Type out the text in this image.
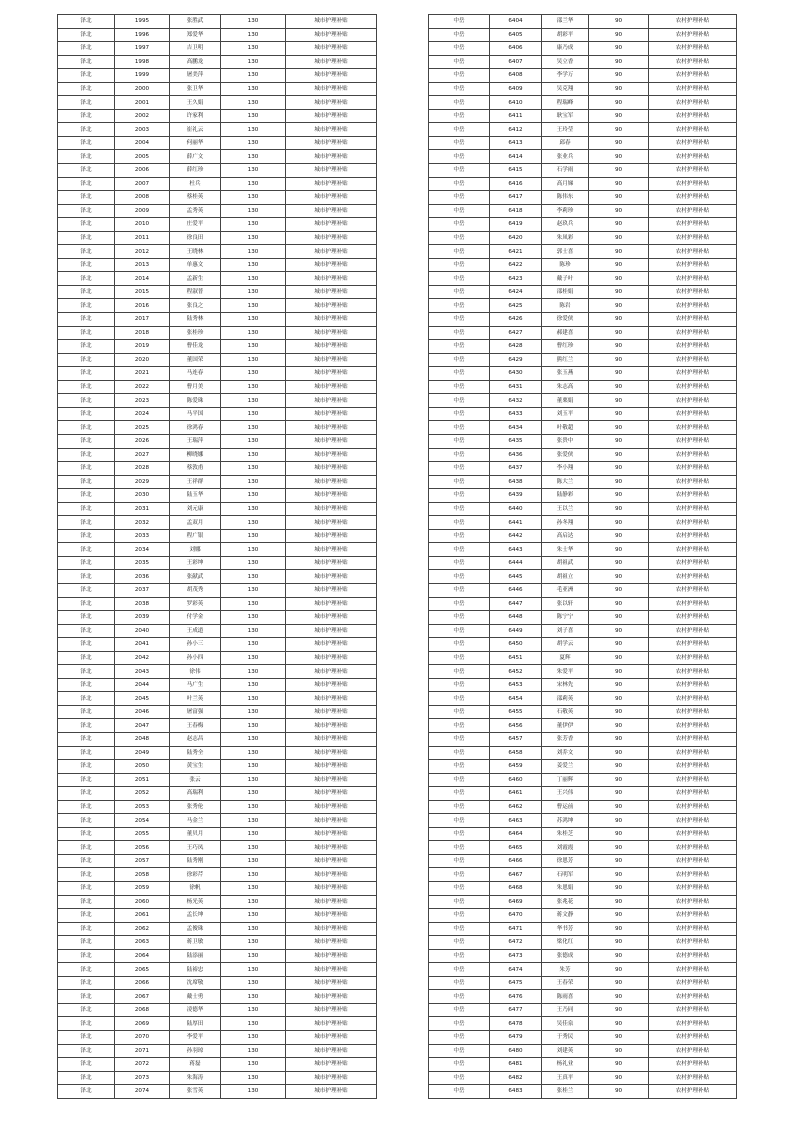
泽北	1995	张胜武	130	城市护理补贴
泽北	1996	郑爱华	130	城市护理补贴
泽北	1997	吉卫明	130	城市护理补贴
泽北	1998	高鹏龙	130	城市护理补贴
泽北	1999	屠美萍	130	城市护理补贴
泽北	2000	张卫华	130	城市护理补贴
泽北	2001	王久娟	130	城市护理补贴
泽北	2002	许家利	130	城市护理补贴
泽北	2003	崔礼云	130	城市护理补贴
泽北	2004	何丽华	130	城市护理补贴
泽北	2005	薛广文	130	城市护理补贴
泽北	2006	薛红珍	130	城市护理补贴
泽北	2007	杜兵	130	城市护理补贴
泽北	2008	蔡桂英	130	城市护理补贴
泽北	2009	孟秀英	130	城市护理补贴
泽北	2010	庄爱平	130	城市护理补贴
泽北	2011	徐良田	130	城市护理补贴
泽北	2012	王晓林	130	城市护理补贴
泽北	2013	单惠文	130	城市护理补贴
泽北	2014	孟新生	130	城市护理补贴
泽北	2015	程淑普	130	城市护理补贴
泽北	2016	张良之	130	城市护理补贴
泽北	2017	陆秀林	130	城市护理补贴
泽北	2018	张桂珍	130	城市护理补贴
泽北	2019	曹佳龙	130	城市护理补贴
泽北	2020	董国荣	130	城市护理补贴
泽北	2021	马连春	130	城市护理补贴
泽北	2022	曹月美	130	城市护理补贴
泽北	2023	陈爱珠	130	城市护理补贴
泽北	2024	马平国	130	城市护理补贴
泽北	2025	徐鸿春	130	城市护理补贴
泽北	2026	王瑞萍	130	城市护理补贴
泽北	2027	柳晓娜	130	城市护理补贴
泽北	2028	蔡敦甫	130	城市护理补贴
泽北	2029	王祥群	130	城市护理补贴
泽北	2030	陆玉华	130	城市护理补贴
泽北	2031	刘元康	130	城市护理补贴
泽北	2032	孟双月	130	城市护理补贴
泽北	2033	程广银	130	城市护理补贴
泽北	2034	刘娜	130	城市护理补贴
泽北	2035	王彩坤	130	城市护理补贴
泽北	2036	张献武	130	城市护理补贴
泽北	2037	胡茂秀	130	城市护理补贴
泽北	2038	罗彩英	130	城市护理补贴
泽北	2039	付学金	130	城市护理补贴
泽北	2040	王成道	130	城市护理补贴
泽北	2041	孙小三	130	城市护理补贴
泽北	2042	孙小四	130	城市护理补贴
泽北	2043	徐伟	130	城市护理补贴
泽北	2044	马广生	130	城市护理补贴
泽北	2045	叶兰英	130	城市护理补贴
泽北	2046	屠富强	130	城市护理补贴
泽北	2047	王春梅	130	城市护理补贴
泽北	2048	赵志昌	130	城市护理补贴
泽北	2049	陆秀全	130	城市护理补贴
泽北	2050	黄宝生	130	城市护理补贴
泽北	2051	张云	130	城市护理补贴
泽北	2052	高瑞利	130	城市护理补贴
泽北	2053	张秀伦	130	城市护理补贴
泽北	2054	马金兰	130	城市护理补贴
泽北	2055	董贝月	130	城市护理补贴
泽北	2056	王巧凤	130	城市护理补贴
泽北	2057	陆秀刚	130	城市护理补贴
泽北	2058	徐彩芹	130	城市护理补贴
泽北	2059	徐帆	130	城市护理补贴
泽北	2060	杨光英	130	城市护理补贴
泽北	2061	孟长坤	130	城市护理补贴
泽北	2062	孟俊珠	130	城市护理补贴
泽北	2063	蒋卫敏	130	城市护理补贴
泽北	2064	陆添丽	130	城市护理补贴
泽北	2065	陆裕忠	130	城市护理补贴
泽北	2066	沈席敬	130	城市护理补贴
泽北	2067	戴士勇	130	城市护理补贴
泽北	2068	凌德华	130	城市护理补贴
泽北	2069	陆厚田	130	城市护理补贴
泽北	2070	李爱平	130	城市护理补贴
泽北	2071	孙羽琼	130	城市护理补贴
泽北	2072	蒋磊	130	城市护理补贴
泽北	2073	朱海涛	130	城市护理补贴
泽北	2074	张雪英	130	城市护理补贴
中岳	6404	邵兰华	90	农村护理补贴
中岳	6405	胡彩平	90	农村护理补贴
中岳	6406	康乃成	90	农村护理补贴
中岳	6407	吴立香	90	农村护理补贴
中岳	6408	李学万	90	农村护理补贴
中岳	6409	吴克翔	90	农村护理补贴
中岳	6410	程瑞峰	90	农村护理补贴
中岳	6411	耿宝军	90	农村护理补贴
中岳	6412	王玲莹	90	农村护理补贴
中岳	6413	邱春	90	农村护理补贴
中岳	6414	张业兵	90	农村护理补贴
中岳	6415	石学雨	90	农村护理补贴
中岳	6416	高月娣	90	农村护理补贴
中岳	6417	陈伟东	90	农村护理补贴
中岳	6418	李莉珍	90	农村护理补贴
中岳	6419	赵玖兵	90	农村护理补贴
中岳	6420	朱凤彩	90	农村护理补贴
中岳	6421	郭士喜	90	农村护理补贴
中岳	6422	陈珍	90	农村护理补贴
中岳	6423	戴子叶	90	农村护理补贴
中岳	6424	邵桂娟	90	农村护理补贴
中岳	6425	陈岩	90	农村护理补贴
中岳	6426	徐爱侠	90	农村护理补贴
中岳	6427	郝建喜	90	农村护理补贴
中岳	6428	曹红珍	90	农村护理补贴
中岳	6429	熊红兰	90	农村护理补贴
中岳	6430	张玉燕	90	农村护理补贴
中岳	6431	朱志高	90	农村护理补贴
中岳	6432	董栗娟	90	农村护理补贴
中岳	6433	刘玉平	90	农村护理补贴
中岳	6434	叶敬超	90	农村护理补贴
中岳	6435	张贵中	90	农村护理补贴
中岳	6436	张爱侠	90	农村护理补贴
中岳	6437	李小翔	90	农村护理补贴
中岳	6438	陈大兰	90	农村护理补贴
中岳	6439	陆静彩	90	农村护理补贴
中岳	6440	王以兰	90	农村护理补贴
中岳	6441	孙冬翔	90	农村护理补贴
中岳	6442	高启达	90	农村护理补贴
中岳	6443	朱士华	90	农村护理补贴
中岳	6444	胡祖武	90	农村护理补贴
中岳	6445	胡祖立	90	农村护理补贴
中岳	6446	毛亚洲	90	农村护理补贴
中岳	6447	张以轩	90	农村护理补贴
中岳	6448	陈宁宁	90	农村护理补贴
中岳	6449	刘子喜	90	农村护理补贴
中岳	6450	胡学云	90	农村护理补贴
中岳	6451	夏辉	90	农村护理补贴
中岳	6452	朱爱平	90	农村护理补贴
中岳	6453	宋林先	90	农村护理补贴
中岳	6454	邵莉英	90	农村护理补贴
中岳	6455	石敬英	90	农村护理补贴
中岳	6456	董伊伊	90	农村护理补贴
中岳	6457	张芳香	90	农村护理补贴
中岳	6458	刘乔文	90	农村护理补贴
中岳	6459	姜爱兰	90	农村护理补贴
中岳	6460	丁丽辉	90	农村护理补贴
中岳	6461	王兴伟	90	农村护理补贴
中岳	6462	曹运前	90	农村护理补贴
中岳	6463	苏鸿坤	90	农村护理补贴
中岳	6464	朱桂芝	90	农村护理补贴
中岳	6465	刘霞霞	90	农村护理补贴
中岳	6466	徐恩芳	90	农村护理补贴
中岳	6467	石明军	90	农村护理补贴
中岳	6468	朱恩娟	90	农村护理补贴
中岳	6469	张兆花	90	农村护理补贴
中岳	6470	蒋文静	90	农村护理补贴
中岳	6471	华书芳	90	农村护理补贴
中岳	6472	梁化红	90	农村护理补贴
中岳	6473	张德成	90	农村护理补贴
中岳	6474	朱芳	90	农村护理补贴
中岳	6475	王春荣	90	农村护理补贴
中岳	6476	陈雨喜	90	农村护理补贴
中岳	6477	王乃同	90	农村护理补贴
中岳	6478	吴佳泉	90	农村护理补贴
中岳	6479	于秀民	90	农村护理补贴
中岳	6480	刘建英	90	农村护理补贴
中岳	6481	杨礼业	90	农村护理补贴
中岳	6482	王真平	90	农村护理补贴
中岳	6483	张桂兰	90	农村护理补贴
